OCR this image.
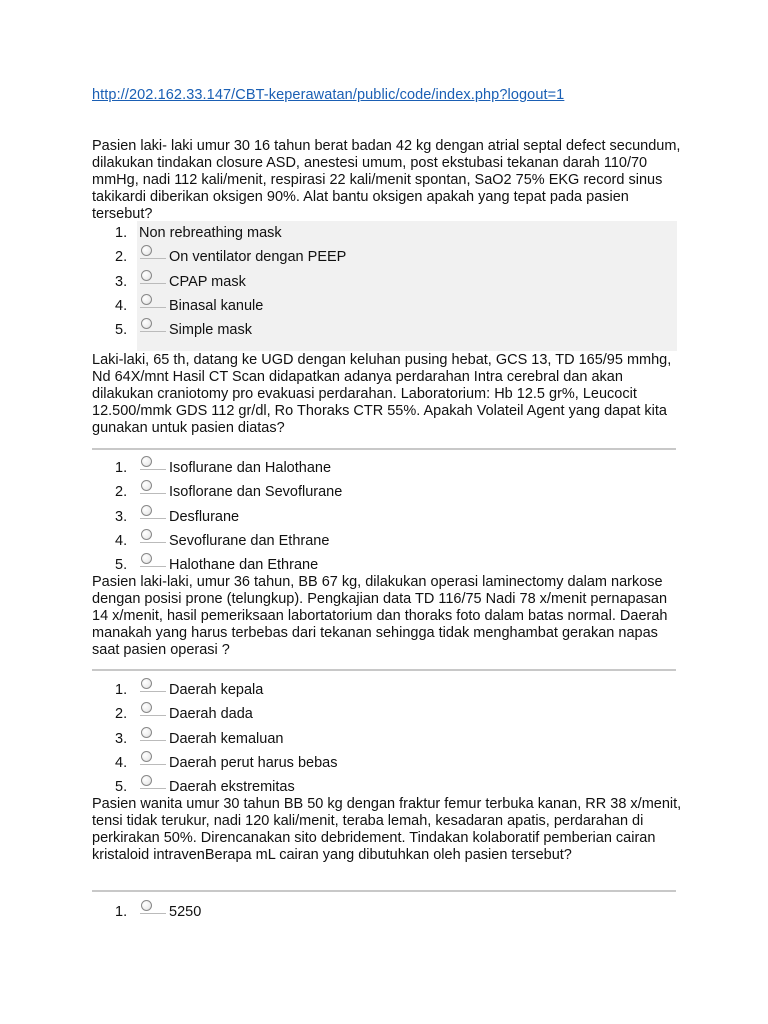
http://202.162.33.147/CBT-keperawatan/public/code/index.php?logout=1
Pasien laki- laki umur 30 16 tahun berat badan 42 kg dengan atrial septal defect secundum, dilakukan tindakan closure ASD, anestesi umum, post ekstubasi tekanan darah 110/70 mmHg, nadi 112 kali/menit, respirasi 22 kali/menit spontan, SaO2 75% EKG record sinus takikardi diberikan oksigen 90%. Alat bantu oksigen apakah yang tepat pada pasien tersebut?
1. Non rebreathing mask
2.	On ventilator dengan PEEP
3.	CPAP mask
4.	Binasal kanule
5.	Simple mask
Laki-laki, 65 th, datang ke UGD dengan keluhan pusing hebat, GCS 13, TD 165/95 mmhg, Nd 64X/mnt Hasil CT Scan didapatkan adanya perdarahan Intra cerebral dan akan dilakukan craniotomy pro evakuasi perdarahan. Laboratorium: Hb 12.5 gr%, Leucocit 12.500/mmk GDS 112 gr/dl, Ro Thoraks CTR 55%. Apakah Volateil Agent yang dapat kita gunakan untuk pasien diatas?
1.	Isoflurane dan Halothane
2.	Isoflorane dan Sevoflurane
3.	Desflurane
4.	Sevoflurane dan Ethrane
5.	Halothane dan Ethrane
Pasien laki-laki, umur 36 tahun, BB 67 kg, dilakukan operasi laminectomy dalam narkose dengan posisi prone (telungkup). Pengkajian data TD 116/75 Nadi 78 x/menit pernapasan 14 x/menit, hasil pemeriksaan labortatorium dan thoraks foto dalam batas normal. Daerah manakah yang harus terbebas dari tekanan sehingga tidak menghambat gerakan napas saat pasien operasi ?
1.	Daerah kepala
2.	Daerah dada
3.	Daerah kemaluan
4.	Daerah perut harus bebas
5.	Daerah ekstremitas
Pasien wanita umur 30 tahun BB 50 kg dengan fraktur femur terbuka kanan, RR 38 x/menit, tensi tidak terukur, nadi 120 kali/menit, teraba lemah, kesadaran apatis, perdarahan di perkirakan 50%. Direncanakan sito debridement. Tindakan kolaboratif pemberian cairan kristaloid intravenBerapa mL cairan yang dibutuhkan oleh pasien tersebut?
1.	5250
